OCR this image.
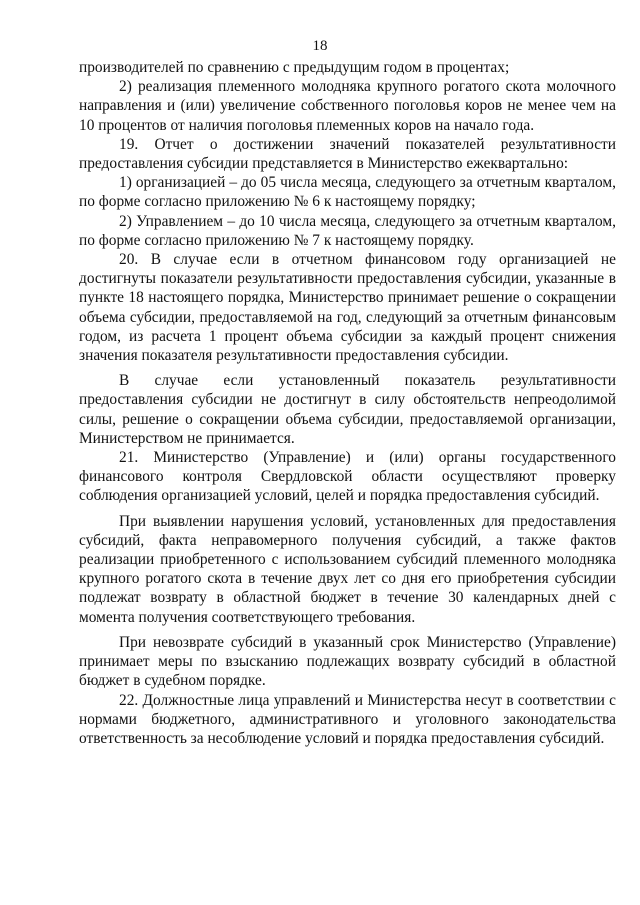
18

производителей по сравнению с предыдущим годом в процентах;

2) реализация племенного молодняка крупного рогатого скота молочного направления и (или) увеличение собственного поголовья коров не менее чем на 10 процентов от наличия поголовья племенных коров на начало года.

19. Отчет о достижении значений показателей результативности предоставления субсидии представляется в Министерство ежеквартально:

1) организацией – до 05 числа месяца, следующего за отчетным кварталом, по форме согласно приложению № 6 к настоящему порядку;

2) Управлением – до 10 числа месяца, следующего за отчетным кварталом, по форме согласно приложению № 7 к настоящему порядку.

20. В случае если в отчетном финансовом году организацией не достигнуты показатели результативности предоставления субсидии, указанные в пункте 18 настоящего порядка, Министерство принимает решение о сокращении объема субсидии, предоставляемой на год, следующий за отчетным финансовым годом, из расчета 1 процент объема субсидии за каждый процент снижения значения показателя результативности предоставления субсидии.

В случае если установленный показатель результативности предоставления субсидии не достигнут в силу обстоятельств непреодолимой силы, решение о сокращении объема субсидии, предоставляемой организации, Министерством не принимается.

21. Министерство (Управление) и (или) органы государственного финансового контроля Свердловской области осуществляют проверку соблюдения организацией условий, целей и порядка предоставления субсидий.

При выявлении нарушения условий, установленных для предоставления субсидий, факта неправомерного получения субсидий, а также фактов реализации приобретенного с использованием субсидий племенного молодняка крупного рогатого скота в течение двух лет со дня его приобретения субсидии подлежат возврату в областной бюджет в течение 30 календарных дней с момента получения соответствующего требования.

При невозврате субсидий в указанный срок Министерство (Управление) принимает меры по взысканию подлежащих возврату субсидий в областной бюджет в судебном порядке.

22. Должностные лица управлений и Министерства несут в соответствии с нормами бюджетного, административного и уголовного законодательства ответственность за несоблюдение условий и порядка предоставления субсидий.
